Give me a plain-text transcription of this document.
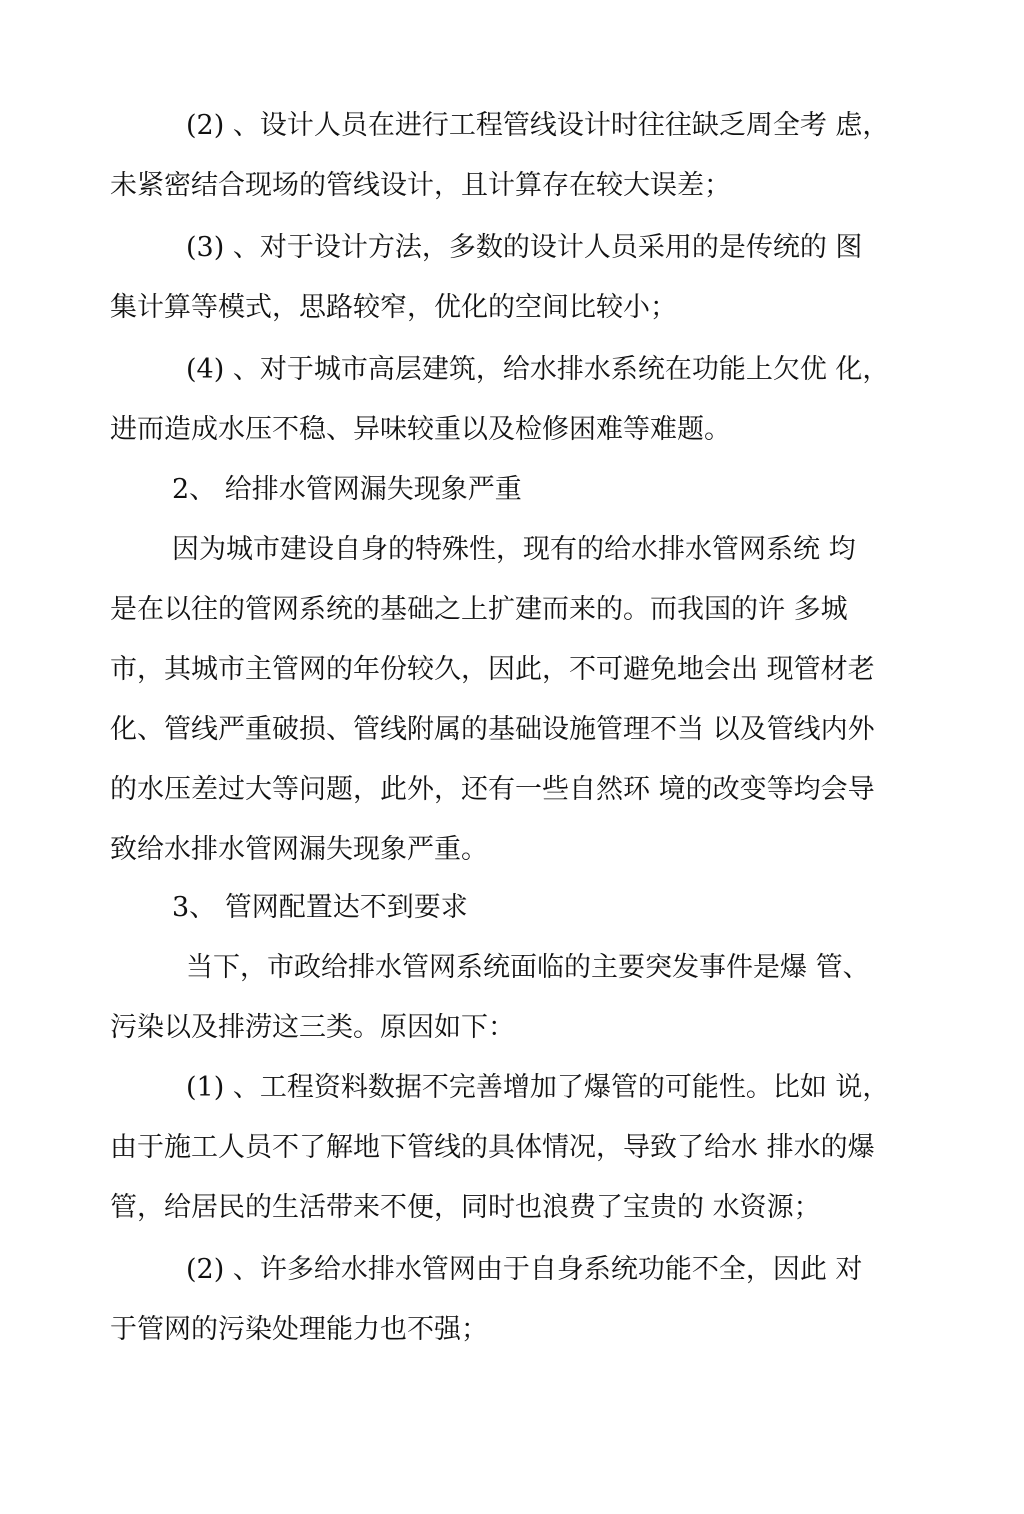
(2) 、设计人员在进行工程管线设计时往往缺乏周全考 虑，
未紧密结合现场的管线设计，且计算存在较大误差；
(3) 、对于设计方法，多数的设计人员采用的是传统的 图
集计算等模式，思路较窄，优化的空间比较小；
(4) 、对于城市高层建筑，给水排水系统在功能上欠优 化，
进而造成水压不稳、异味较重以及检修困难等难题。
2、 给排水管网漏失现象严重
因为城市建设自身的特殊性，现有的给水排水管网系统 均
是在以往的管网系统的基础之上扩建而来的。而我国的许 多城
市，其城市主管网的年份较久，因此，不可避免地会出 现管材老
化、管线严重破损、管线附属的基础设施管理不当 以及管线内外
的水压差过大等问题，此外，还有一些自然环 境的改变等均会导
致给水排水管网漏失现象严重。
3、 管网配置达不到要求
当下，市政给排水管网系统面临的主要突发事件是爆 管、
污染以及排涝这三类。原因如下：
(1) 、工程资料数据不完善增加了爆管的可能性。比如 说，
由于施工人员不了解地下管线的具体情况，导致了给水 排水的爆
管，给居民的生活带来不便，同时也浪费了宝贵的 水资源；
(2) 、许多给水排水管网由于自身系统功能不全，因此 对
于管网的污染处理能力也不强；
